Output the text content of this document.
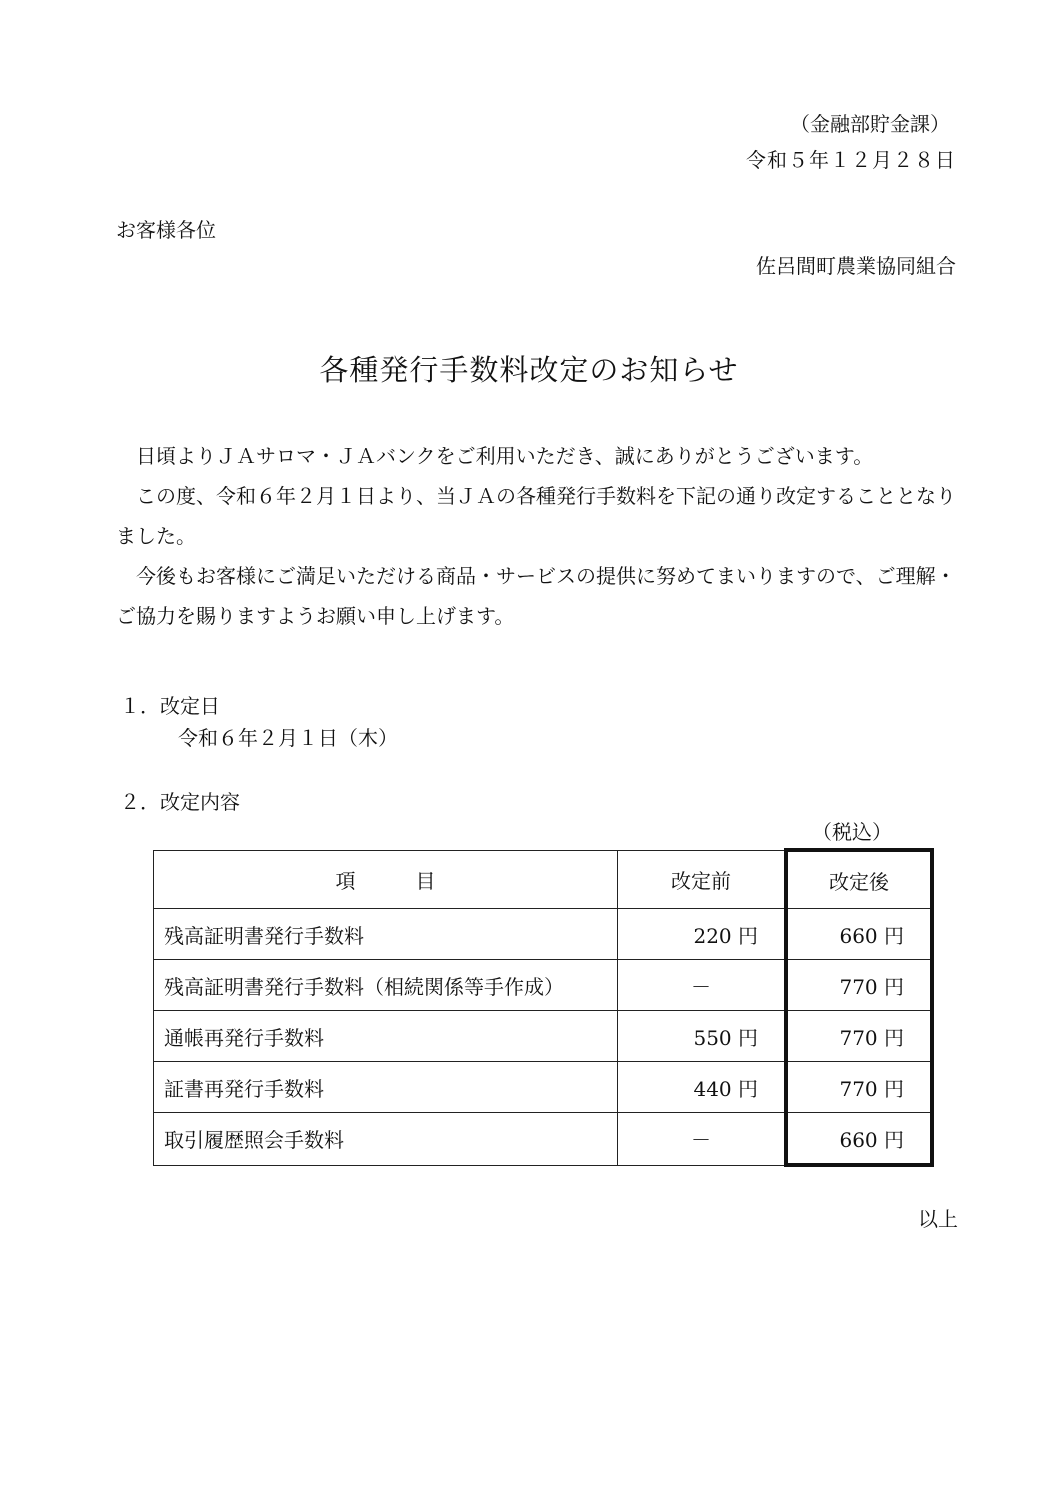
（金融部貯金課）
令和５年１２月２８日
お客様各位
佐呂間町農業協同組合
各種発行手数料改定のお知らせ

日頃よりＪＡサロマ・ＪＡバンクをご利用いただき、誠にありがとうございます。

この度、令和６年２月１日より、当ＪＡの各種発行手数料を下記の通り改定することとなりました。

今後もお客様にご満足いただける商品・サービスの提供に努めてまいりますので、ご理解・ご協力を賜りますようお願い申し上げます。

１．改定日
令和６年２月１日（木）
２．改定内容
（税込）
項　　　目	改定前	改定後
残高証明書発行手数料	220 円	660 円
残高証明書発行手数料（相続関係等手作成）	－	770 円
通帳再発行手数料	550 円	770 円
証書再発行手数料	440 円	770 円
取引履歴照会手数料	－	660 円
以上
